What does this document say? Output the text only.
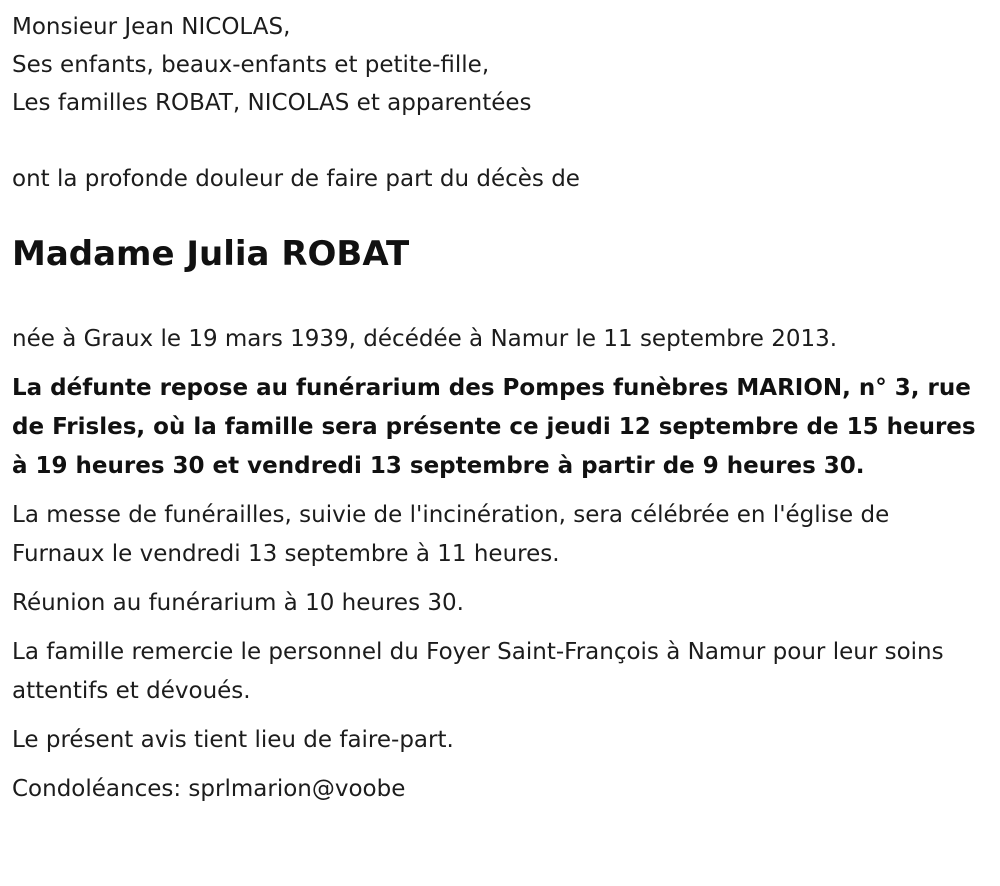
Monsieur Jean NICOLAS,

Ses enfants, beaux-enfants et petite-fille,

Les familles ROBAT, NICOLAS et apparentées

ont la profonde douleur de faire part du décès de

Madame Julia ROBAT

née à Graux le 19 mars 1939, décédée à Namur le 11 septembre 2013.

La défunte repose au funérarium des Pompes funèbres MARION, n° 3, rue de Frisles, où la famille sera présente ce jeudi 12 septembre de 15 heures à 19 heures 30 et vendredi 13 septembre à partir de 9 heures 30.

La messe de funérailles, suivie de l'incinération, sera célébrée en l'église de Furnaux le vendredi 13 septembre à 11 heures.

Réunion au funérarium à 10 heures 30.

La famille remercie le personnel du Foyer Saint-François à Namur pour leur soins attentifs et dévoués.

Le présent avis tient lieu de faire-part.

Condoléances: sprlmarion@voobe
